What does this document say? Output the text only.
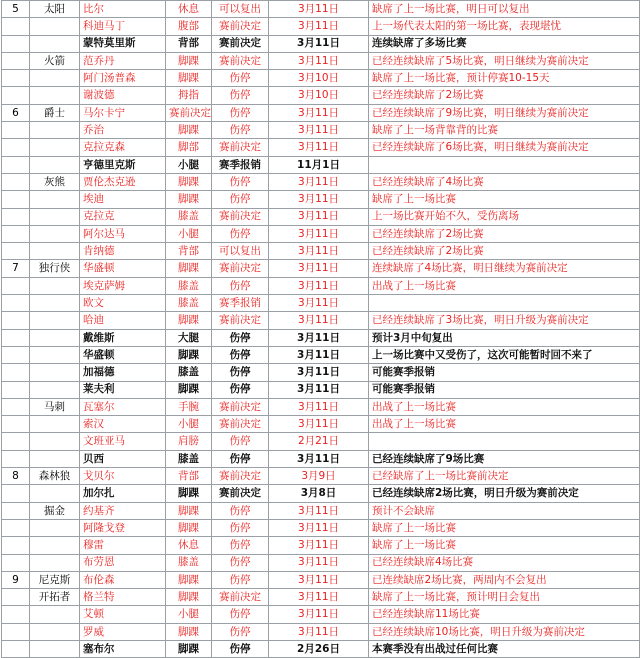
5	太阳	比尔	休息	可以复出	3月11日	缺席了上一场比赛，明日可以复出
		科迪马丁	腹部	赛前决定	3月11日	上一场代表太阳的第一场比赛，表现堪忧
		蒙特莫里斯	背部	赛前决定	3月11日	连续缺席了多场比赛
	火箭	范乔丹	脚踝	赛前决定	3月11日	已经连续缺席了5场比赛，明日继续为赛前决定
		阿门汤普森	脚踝	伤停	3月10日	缺席了上一场比赛，预计停赛10-15天
		谢波德	拇指	伤停	3月10日	已经连续缺席了2场比赛
6	爵士	马尔卡宁	赛前决定	伤停	3月11日	已经连续缺席了9场比赛，明日继续为赛前决定
		乔治	脚踝	伤停	3月11日	缺席了上一场背靠背的比赛
		克拉克森	脚部	赛前决定	3月11日	已经连续缺席了6场比赛，明日继续为赛前决定
		亨德里克斯	小腿	赛季报销	11月1日	
	灰熊	贾伦杰克逊	脚踝	伤停	3月11日	已经连续缺席了4场比赛
		埃迪	脚踝	伤停	3月11日	缺席了上一场比赛
		克拉克	膝盖	赛前决定	3月11日	上一场比赛开始不久，受伤离场
		阿尔达马	小腿	伤停	3月11日	已经连续缺席了2场比赛
		肯纳德	背部	可以复出	3月11日	已经连续缺席了2场比赛
7	独行侠	华盛顿	脚踝	赛前决定	3月11日	连续缺席了4场比赛，明日继续为赛前决定
		埃克萨姆	膝盖	伤停	3月11日	出战了上一场比赛
		欧文	膝盖	赛季报销	3月11日	
		哈迪	脚踝	赛前决定	3月11日	已经连续缺席了3场比赛，明日升级为赛前决定
		戴维斯	大腿	伤停	3月11日	预计3月中旬复出
		华盛顿	脚踝	伤停	3月11日	上一场比赛中又受伤了，这次可能暂时回不来了
		加福德	膝盖	伤停	3月11日	可能赛季报销
		莱夫利	脚踝	伤停	3月11日	可能赛季报销
	马刺	瓦塞尔	手腕	赛前决定	3月11日	出战了上一场比赛
		索汉	小腿	赛前决定	3月11日	出战了上一场比赛
		文班亚马	肩膀	伤停	2月21日	
		贝西	膝盖	伤停	3月11日	已经连续缺席了9场比赛
8	森林狼	戈贝尔	背部	赛前决定	3月9日	已经缺席了上一场比赛前决定
		加尔扎	脚踝	赛前决定	3月8日	已经连续缺席2场比赛，明日升级为赛前决定
	掘金	约基齐	脚踝	伤停	3月11日	预计不会缺席
		阿隆戈登	脚踝	伤停	3月11日	缺席了上一场比赛
		穆雷	休息	伤停	3月11日	缺席了上一场比赛
		布劳恩	膝盖	伤停	3月11日	已经连续缺席4场比赛
9	尼克斯	布伦森	脚踝	伤停	3月11日	已连续缺席2场比赛，两周内不会复出
	开拓者	格兰特	脚踝	赛前决定	3月11日	缺席了上一场比赛，预计明日会复出
		艾顿	小腿	伤停	3月11日	已经连续缺席11场比赛
		罗威	脚踝	伤停	3月11日	已经连续缺席10场比赛，明日升级为赛前决定
		塞布尔	脚踝	伤停	2月26日	本赛季没有出战过任何比赛
